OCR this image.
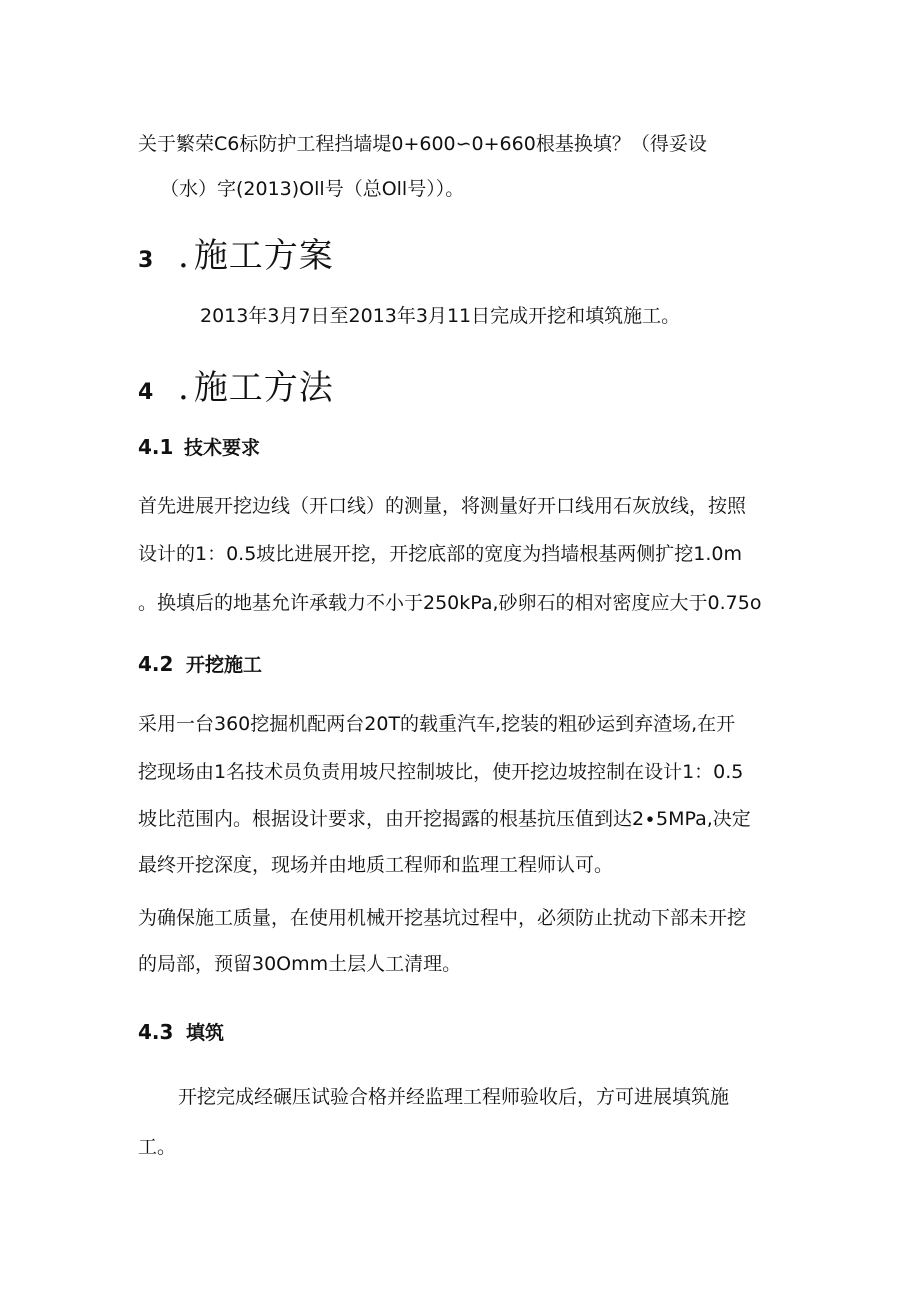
关于繁荣C6标防护工程挡墙堤0+600∽0+660根基换填？（得妥设
（水）字(2013)Oll号（总Oll号））。
3 . 施工方案
2013年3月7日至2013年3月11日完成开挖和填筑施工。
4 . 施工方法
4.1 技术要求
首先进展开挖边线（开口线）的测量，将测量好开口线用石灰放线，按照
设计的1：0.5坡比进展开挖，开挖底部的宽度为挡墙根基两侧扩挖1.0m
。换填后的地基允许承载力不小于250kPa,砂卵石的相对密度应大于0.75o
4.2 开挖施工
采用一台360挖掘机配两台20T的载重汽车,挖装的粗砂运到弃渣场,在开
挖现场由1名技术员负责用坡尺控制坡比，使开挖边坡控制在设计1：0.5
坡比范围内。根据设计要求，由开挖揭露的根基抗压值到达2∙5MPa,决定
最终开挖深度，现场并由地质工程师和监理工程师认可。
为确保施工质量，在使用机械开挖基坑过程中，必须防止扰动下部未开挖
的局部，预留30Omm土层人工清理。
4.3 填筑
开挖完成经碾压试验合格并经监理工程师验收后，方可进展填筑施
工。
